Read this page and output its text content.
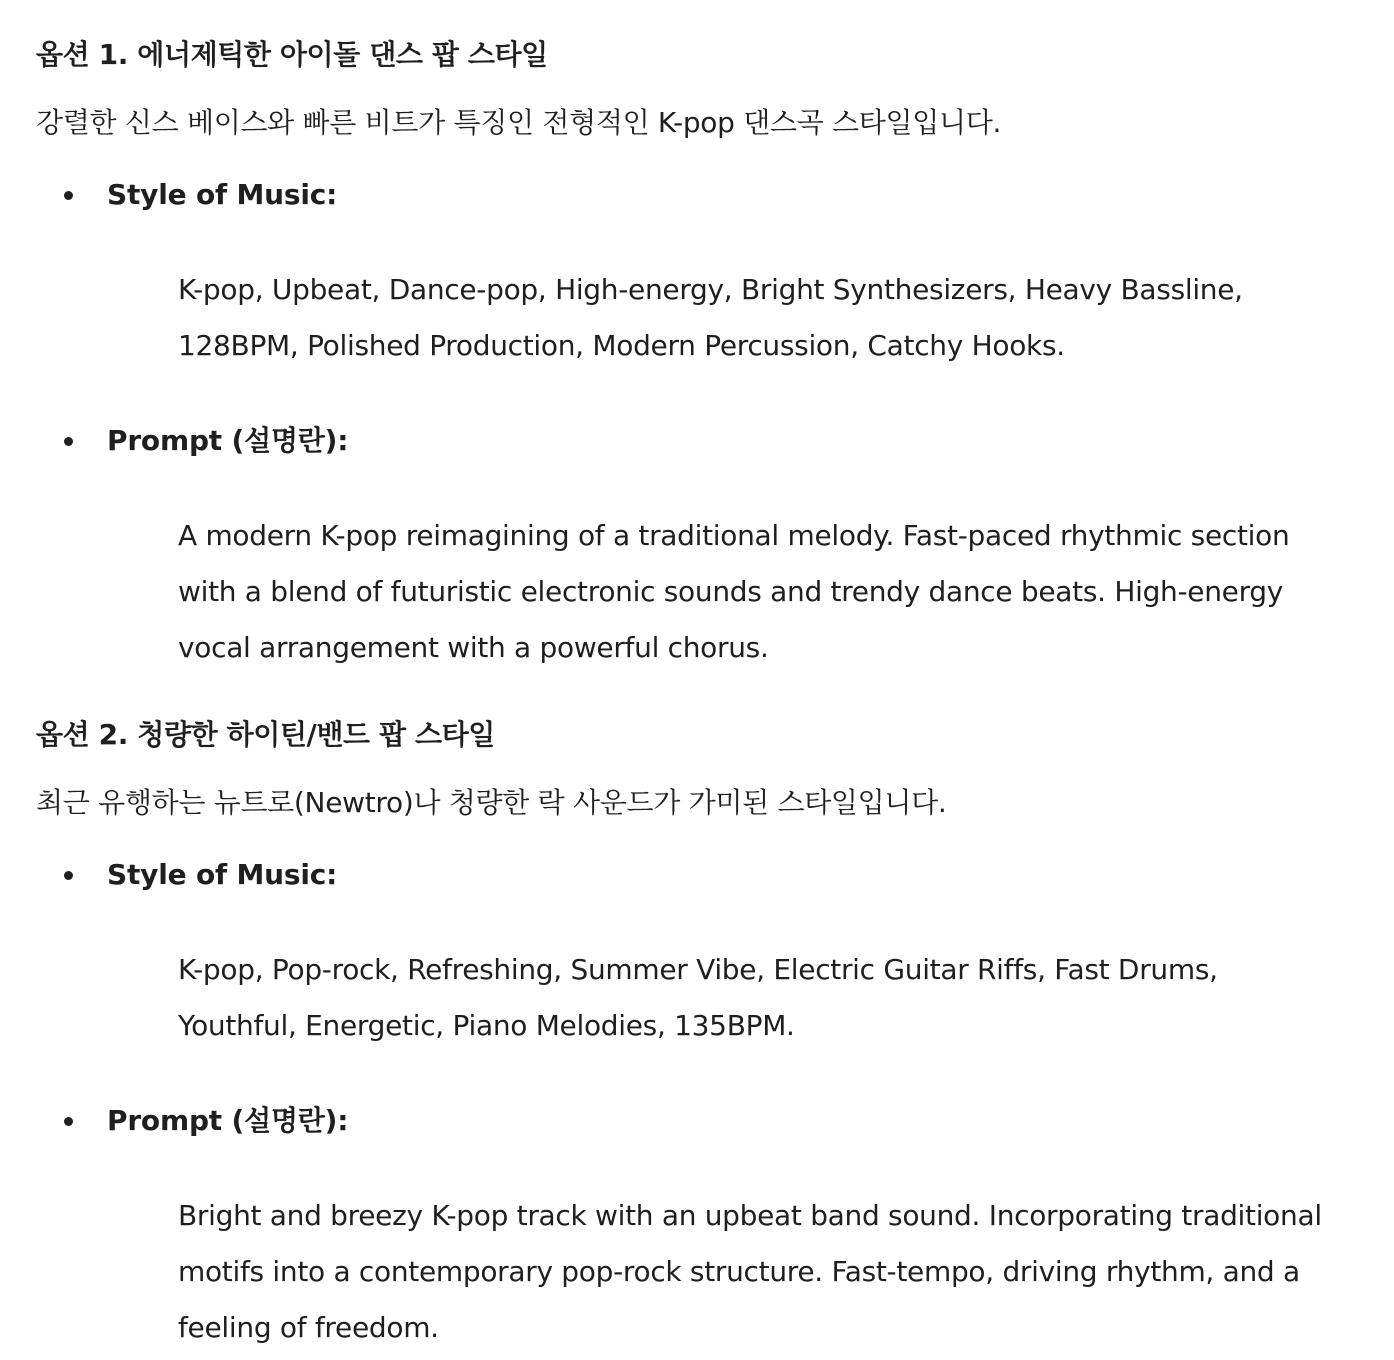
옵션 1. 에너제틱한 아이돌 댄스 팝 스타일

강렬한 신스 베이스와 빠른 비트가 특징인 전형적인 K-pop 댄스곡 스타일입니다.

Style of Music:
K-pop, Upbeat, Dance-pop, High-energy, Bright Synthesizers, Heavy Bassline, 128BPM, Polished Production, Modern Percussion, Catchy Hooks.
Prompt (설명란):
A modern K-pop reimagining of a traditional melody. Fast-paced rhythmic section with a blend of futuristic electronic sounds and trendy dance beats. High-energy vocal arrangement with a powerful chorus.
옵션 2. 청량한 하이틴/밴드 팝 스타일

최근 유행하는 뉴트로(Newtro)나 청량한 락 사운드가 가미된 스타일입니다.

Style of Music:
K-pop, Pop-rock, Refreshing, Summer Vibe, Electric Guitar Riffs, Fast Drums, Youthful, Energetic, Piano Melodies, 135BPM.
Prompt (설명란):
Bright and breezy K-pop track with an upbeat band sound. Incorporating traditional motifs into a contemporary pop-rock structure. Fast-tempo, driving rhythm, and a feeling of freedom.
